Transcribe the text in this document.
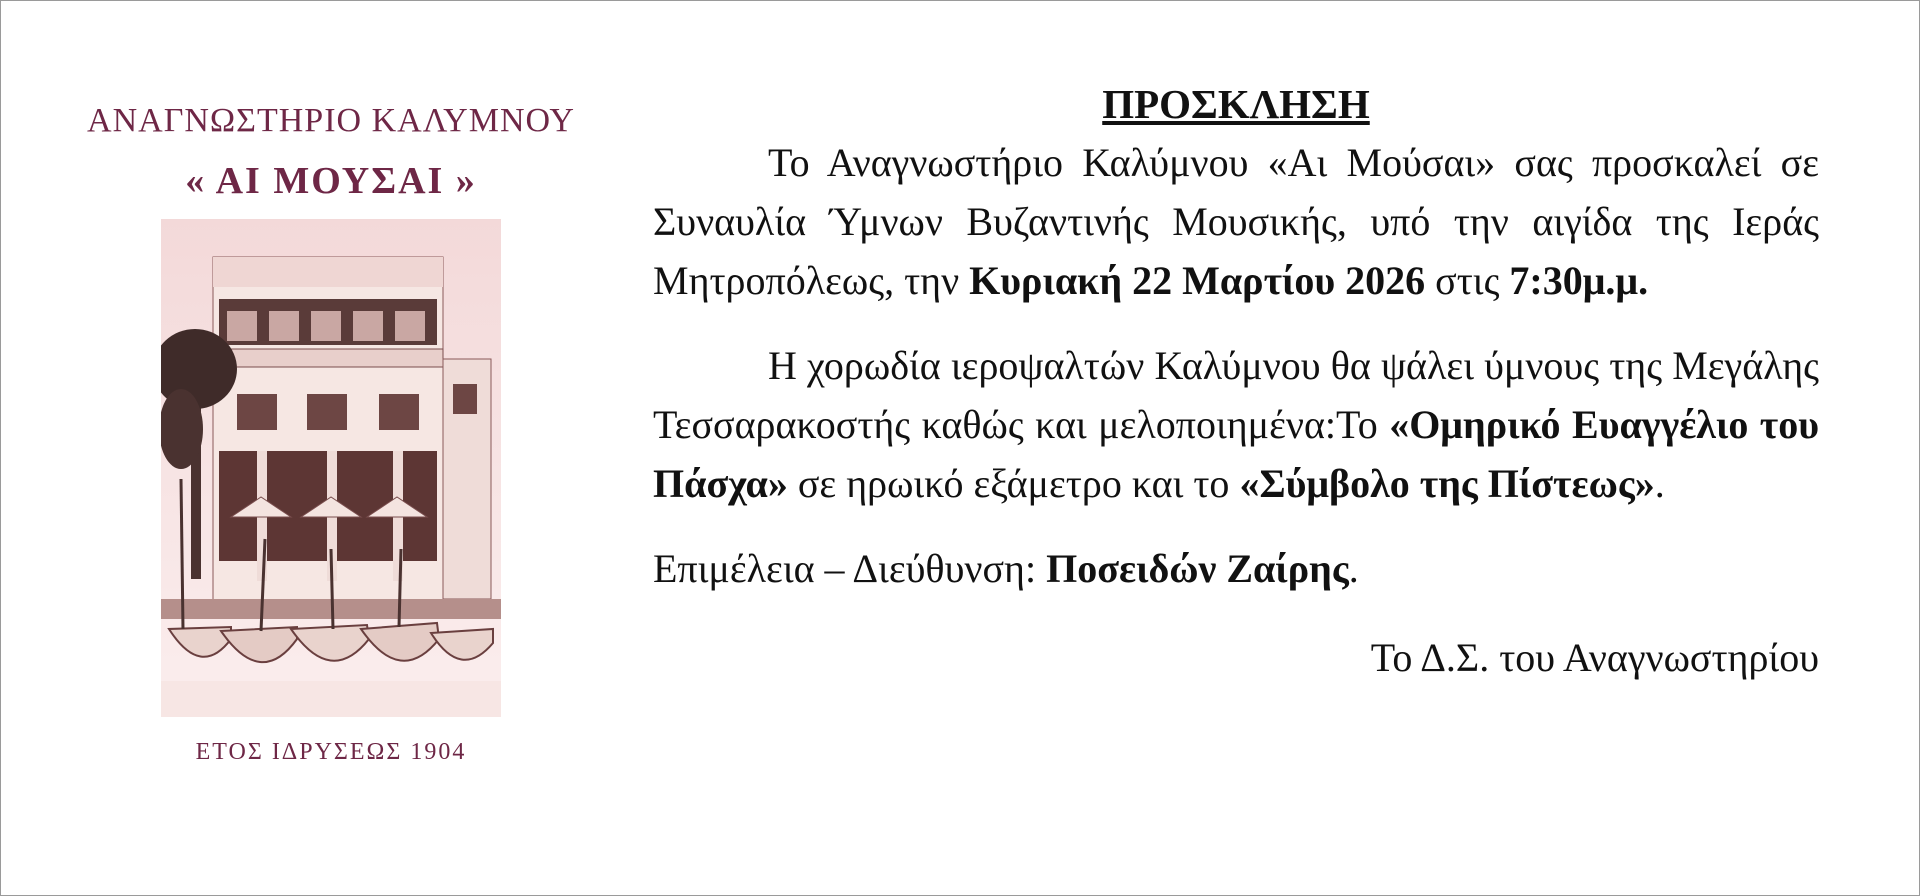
ΑΝΑΓΝΩΣΤΗΡΙΟ ΚΑΛΥΜΝΟΥ
« ΑΙ ΜΟΥΣΑΙ »
ΕΤΟΣ ΙΔΡΥΣΕΩΣ 1904
ΠΡΟΣΚΛΗΣΗ

Το Αναγνωστήριο Καλύμνου «Αι Μούσαι» σας προσκαλεί σε Συναυλία Ύμνων Βυζαντινής Μουσικής, υπό την αιγίδα της Ιεράς Μητροπόλεως, την Κυριακή 22 Μαρτίου 2026 στις 7:30μ.μ.

Η χορωδία ιεροψαλτών Καλύμνου θα ψάλει ύμνους της Μεγάλης Τεσσαρακοστής καθώς και μελοποιημένα:Το «Ομηρικό Ευαγγέλιο του Πάσχα» σε ηρωικό εξάμετρο και το «Σύμβολο της Πίστεως».

Επιμέλεια – Διεύθυνση: Ποσειδών Ζαίρης.

Το Δ.Σ. του Αναγνωστηρίου
